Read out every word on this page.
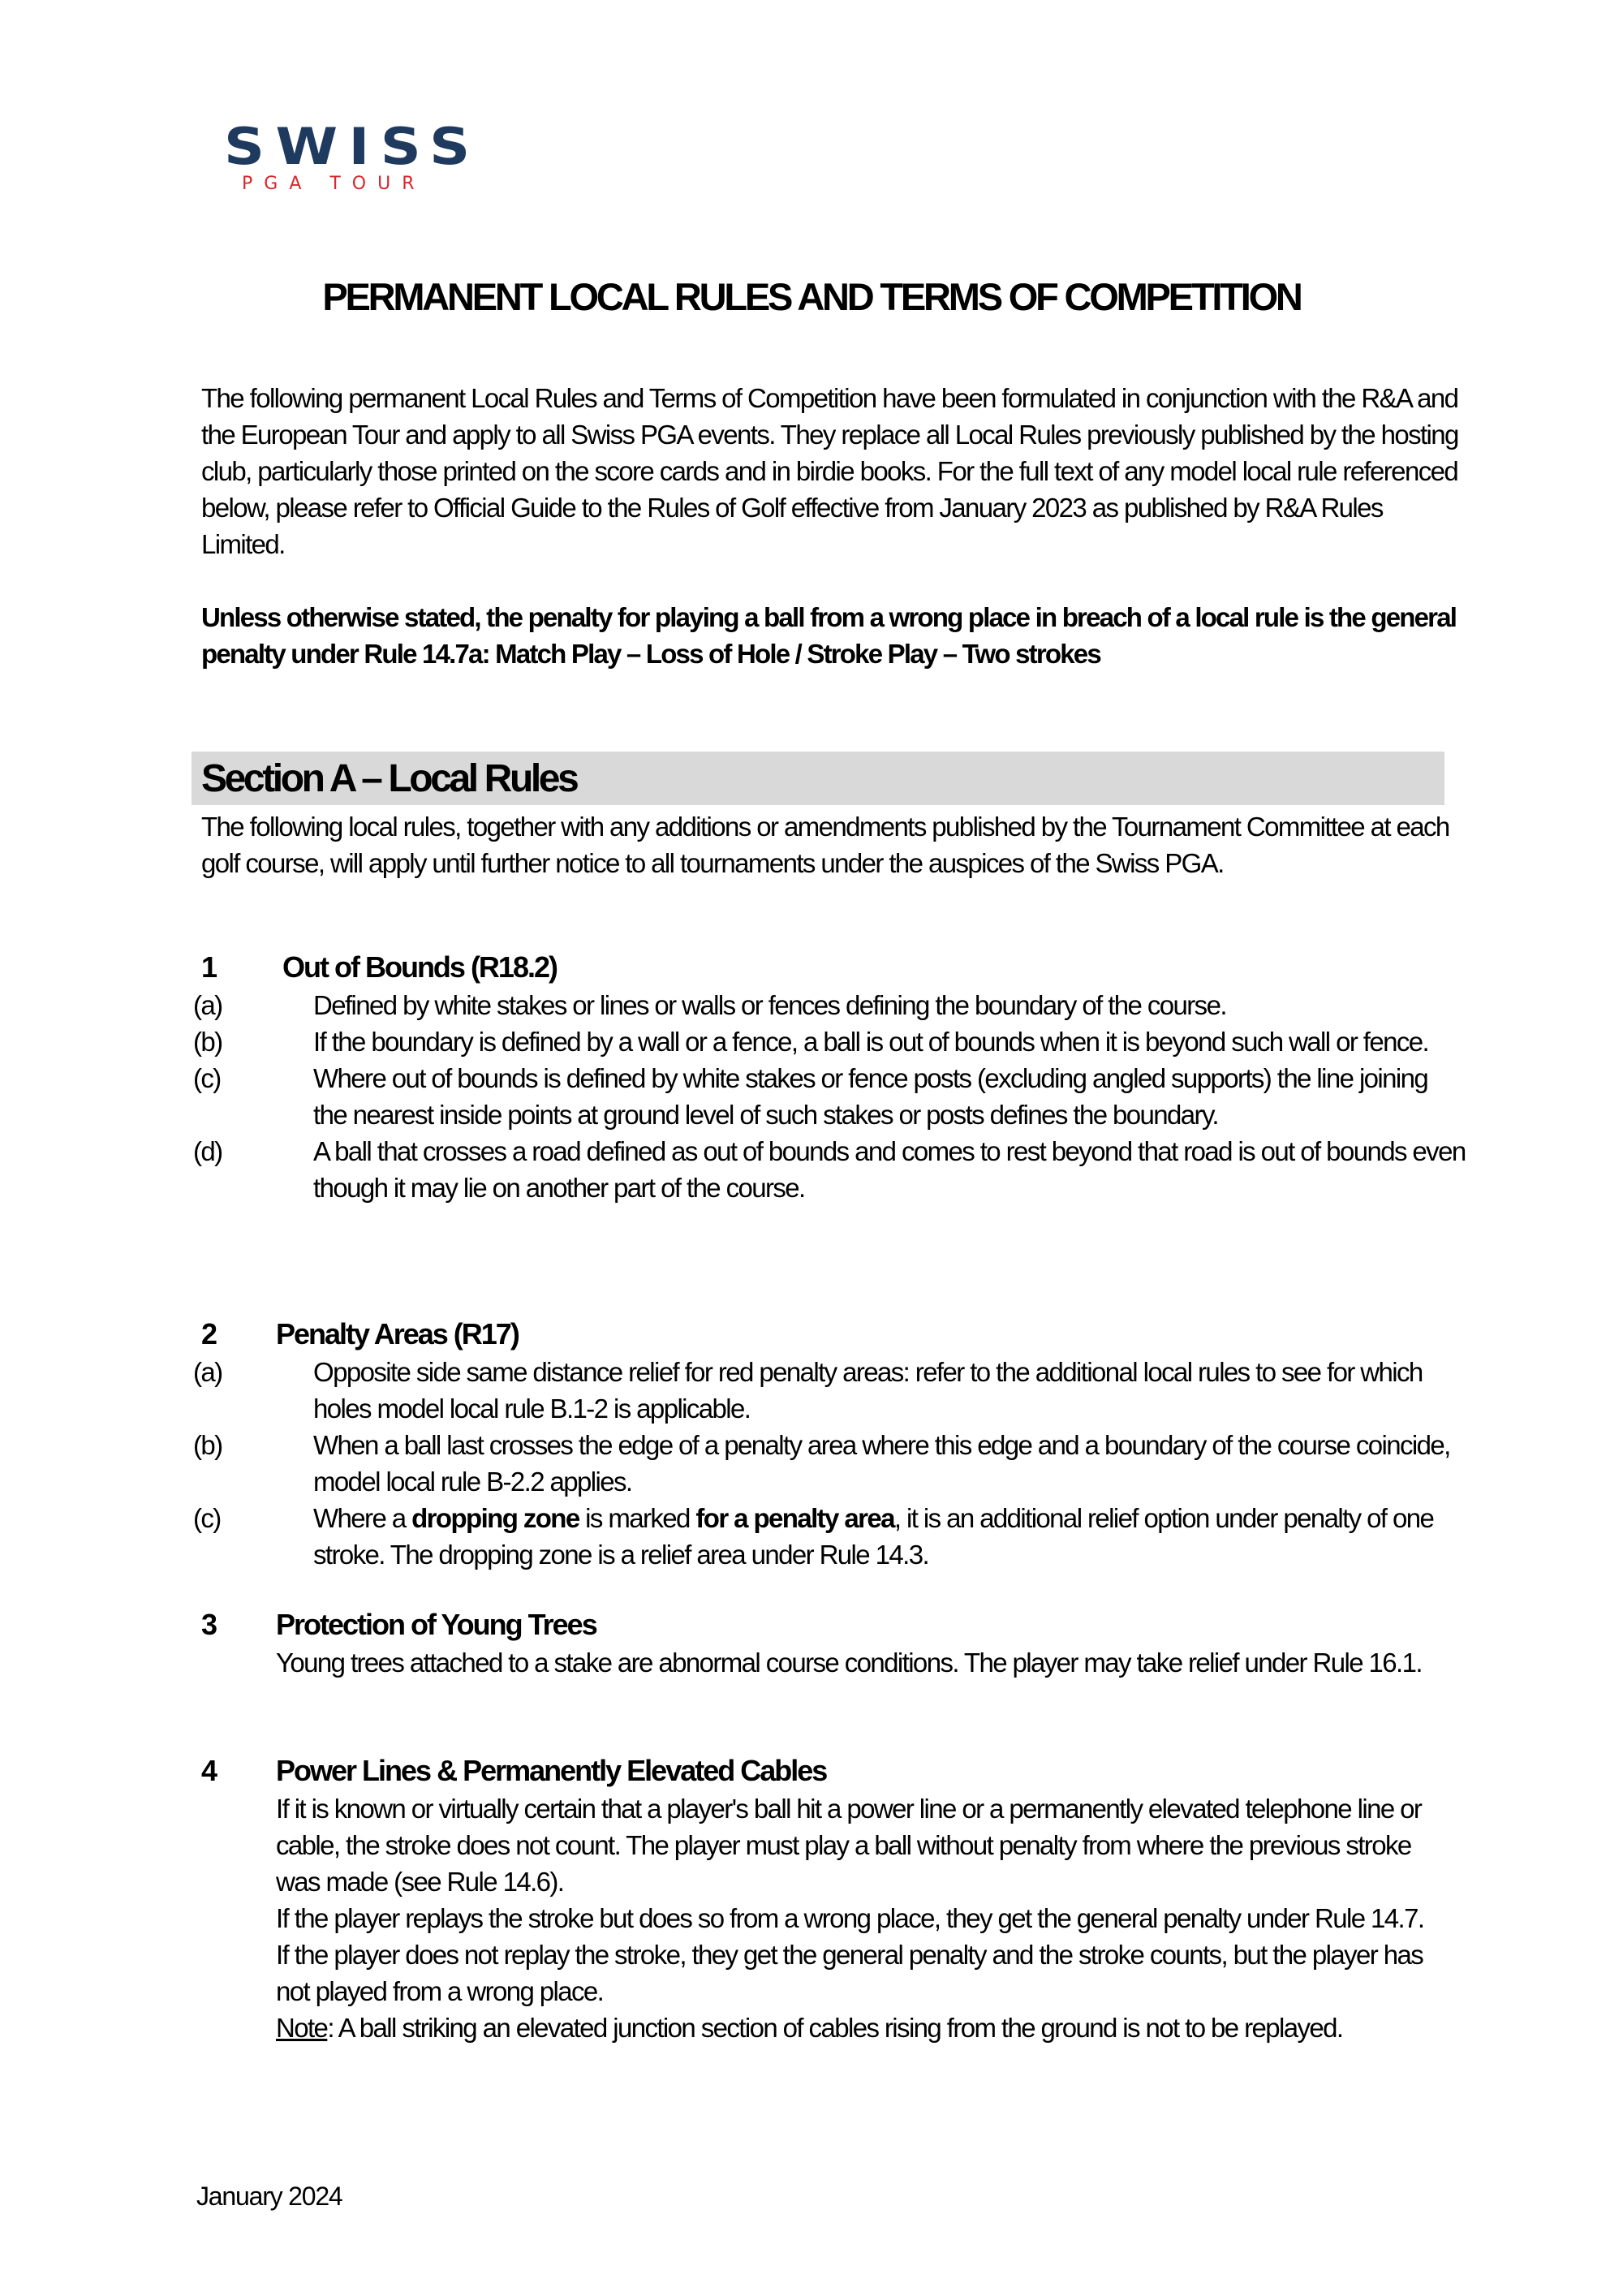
SWISS
PGA TOUR
PERMANENT LOCAL RULES AND TERMS OF COMPETITION
The following permanent Local Rules and Terms of Competition have been formulated in conjunction with the R&A and the European Tour and apply to all Swiss PGA events. They replace all Local Rules previously published by the hosting club, particularly those printed on the score cards and in birdie books. For the full text of any model local rule referenced below, please refer to Official Guide to the Rules of Golf effective from January 2023 as published by R&A Rules Limited.
Unless otherwise stated, the penalty for playing a ball from a wrong place in breach of a local rule is the general penalty under Rule 14.7a: Match Play – Loss of Hole / Stroke Play – Two strokes
Section A – Local Rules
The following local rules, together with any additions or amendments published by the Tournament Committee at each golf course, will apply until further notice to all tournaments under the auspices of the Swiss PGA.
1 Out of Bounds (R18.2)
(a)	Defined by white stakes or lines or walls or fences defining the boundary of the course.
(b)	If the boundary is defined by a wall or a fence, a ball is out of bounds when it is beyond such wall or fence.
(c)	Where out of bounds is defined by white stakes or fence posts (excluding angled supports) the line joining the nearest inside points at ground level of such stakes or posts defines the boundary.
(d)	A ball that crosses a road defined as out of bounds and comes to rest beyond that road is out of bounds even though it may lie on another part of the course.
2 Penalty Areas (R17)
(a)	Opposite side same distance relief for red penalty areas: refer to the additional local rules to see for which holes model local rule B.1-2 is applicable.
(b)	When a ball last crosses the edge of a penalty area where this edge and a boundary of the course coincide, model local rule B-2.2 applies.
(c)	Where a dropping zone is marked for a penalty area, it is an additional relief option under penalty of one stroke. The dropping zone is a relief area under Rule 14.3.
3 Protection of Young Trees
Young trees attached to a stake are abnormal course conditions. The player may take relief under Rule 16.1.
4 Power Lines & Permanently Elevated Cables

If it is known or virtually certain that a player's ball hit a power line or a permanently elevated telephone line or cable, the stroke does not count. The player must play a ball without penalty from where the previous stroke was made (see Rule 14.6).

If the player replays the stroke but does so from a wrong place, they get the general penalty under Rule 14.7.

If the player does not replay the stroke, they get the general penalty and the stroke counts, but the player has not played from a wrong place.

Note: A ball striking an elevated junction section of cables rising from the ground is not to be replayed.

January 2024
